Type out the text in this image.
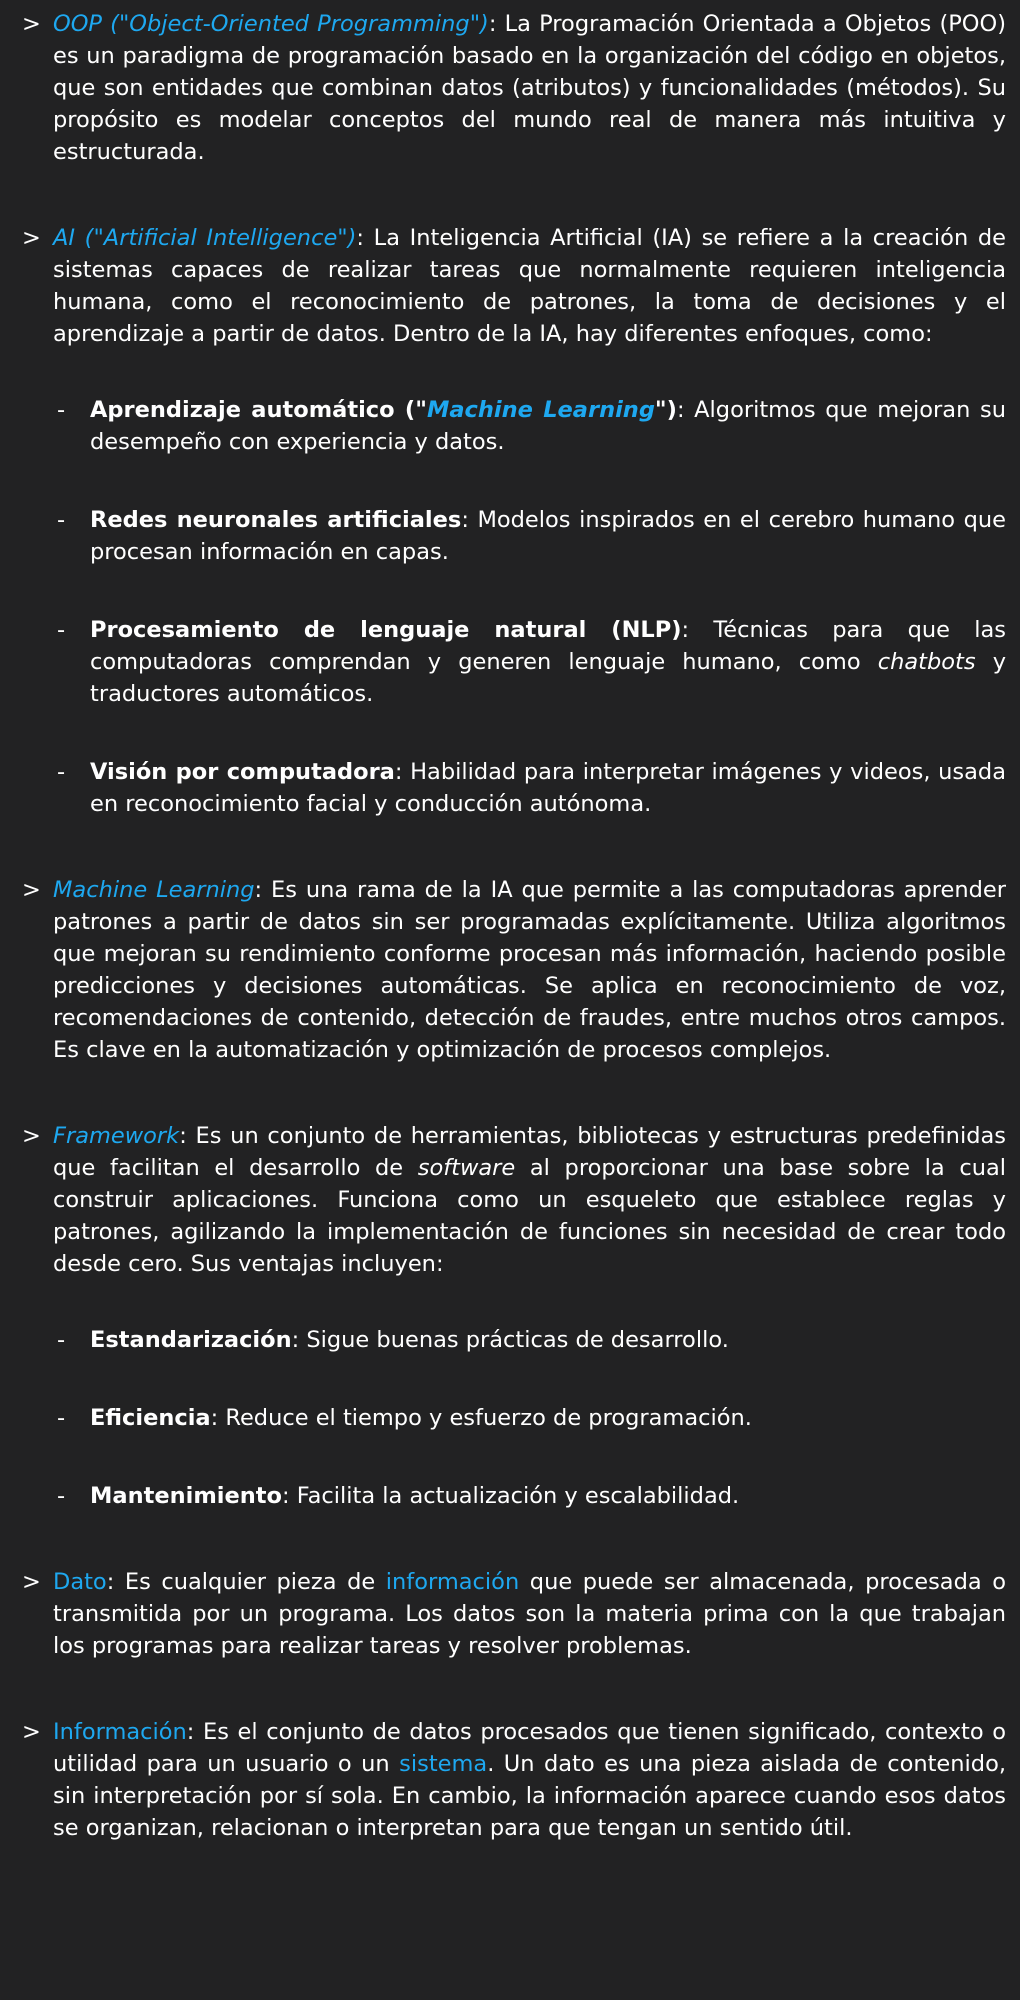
> OOP ("Object-Oriented Programming"): La Programación Orientada a Objetos (POO) es un paradigma de programación basado en la organización del código en objetos, que son entidades que combinan datos (atributos) y funcionalidades (métodos). Su propósito es modelar conceptos del mundo real de manera más intuitiva y estructurada.
> AI ("Artificial Intelligence"): La Inteligencia Artificial (IA) se refiere a la creación de sistemas capaces de realizar tareas que normalmente requieren inteligencia humana, como el reconocimiento de patrones, la toma de decisiones y el aprendizaje a partir de datos. Dentro de la IA, hay diferentes enfoques, como:
- Aprendizaje automático ("Machine Learning"): Algoritmos que mejoran su desempeño con experiencia y datos.
- Redes neuronales artificiales: Modelos inspirados en el cerebro humano que procesan información en capas.
- Procesamiento de lenguaje natural (NLP): Técnicas para que las computadoras comprendan y generen lenguaje humano, como chatbots y traductores automáticos.
- Visión por computadora: Habilidad para interpretar imágenes y videos, usada en reconocimiento facial y conducción autónoma.
> Machine Learning: Es una rama de la IA que permite a las computadoras aprender patrones a partir de datos sin ser programadas explícitamente. Utiliza algoritmos que mejoran su rendimiento conforme procesan más información, haciendo posible predicciones y decisiones automáticas. Se aplica en reconocimiento de voz, recomendaciones de contenido, detección de fraudes, entre muchos otros campos. Es clave en la automatización y optimización de procesos complejos.
> Framework: Es un conjunto de herramientas, bibliotecas y estructuras predefinidas que facilitan el desarrollo de software al proporcionar una base sobre la cual construir aplicaciones. Funciona como un esqueleto que establece reglas y patrones, agilizando la implementación de funciones sin necesidad de crear todo desde cero. Sus ventajas incluyen:
- Estandarización: Sigue buenas prácticas de desarrollo.
- Eficiencia: Reduce el tiempo y esfuerzo de programación.
- Mantenimiento: Facilita la actualización y escalabilidad.
> Dato: Es cualquier pieza de información que puede ser almacenada, procesada o transmitida por un programa. Los datos son la materia prima con la que trabajan los programas para realizar tareas y resolver problemas.
> Información: Es el conjunto de datos procesados que tienen significado, contexto o utilidad para un usuario o un sistema. Un dato es una pieza aislada de contenido, sin interpretación por sí sola. En cambio, la información aparece cuando esos datos se organizan, relacionan o interpretan para que tengan un sentido útil.
